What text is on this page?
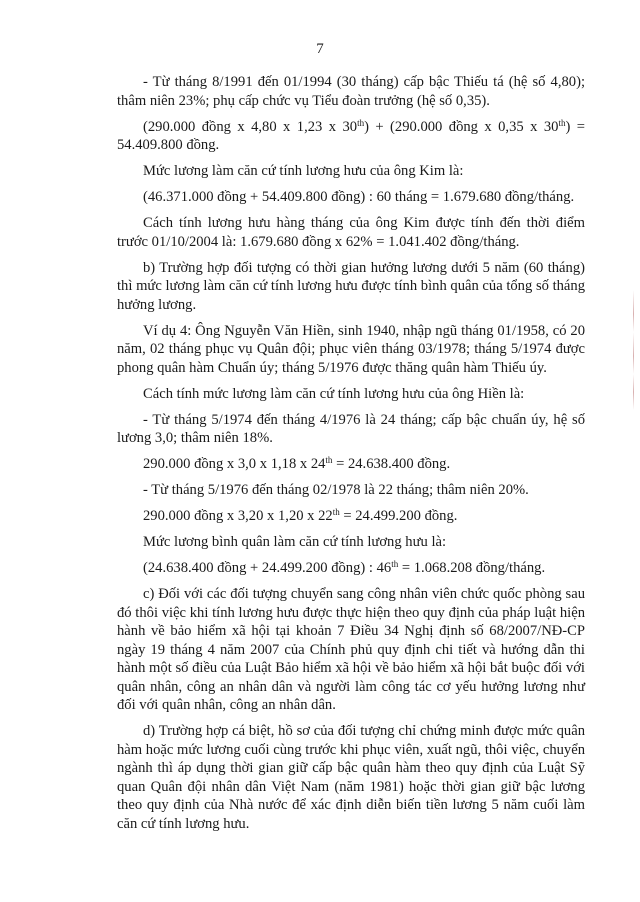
7

- Từ tháng 8/1991 đến 01/1994 (30 tháng) cấp bậc Thiếu tá (hệ số 4,80); thâm niên 23%; phụ cấp chức vụ Tiểu đoàn trưởng (hệ số 0,35).

(290.000 đồng x 4,80 x 1,23 x 30th) + (290.000 đồng x 0,35 x 30th) = 54.409.800 đồng.

Mức lương làm căn cứ tính lương hưu của ông Kim là:

(46.371.000 đồng + 54.409.800 đồng) : 60 tháng = 1.679.680 đồng/tháng.

Cách tính lương hưu hàng tháng của ông Kim được tính đến thời điểm trước 01/10/2004 là: 1.679.680 đồng x 62% = 1.041.402 đồng/tháng.

b) Trường hợp đối tượng có thời gian hưởng lương dưới 5 năm (60 tháng) thì mức lương làm căn cứ tính lương hưu được tính bình quân của tổng số tháng hưởng lương.

Ví dụ 4: Ông Nguyễn Văn Hiền, sinh 1940, nhập ngũ tháng 01/1958, có 20 năm, 02 tháng phục vụ Quân đội; phục viên tháng 03/1978; tháng 5/1974 được phong quân hàm Chuẩn úy; tháng 5/1976 được thăng quân hàm Thiếu úy.

Cách tính mức lương làm căn cứ tính lương hưu của ông Hiền là:

- Từ tháng 5/1974 đến tháng 4/1976 là 24 tháng; cấp bậc chuẩn úy, hệ số lương 3,0; thâm niên 18%.

290.000 đồng x 3,0 x 1,18 x 24th = 24.638.400 đồng.

- Từ tháng 5/1976 đến tháng 02/1978 là 22 tháng; thâm niên 20%.

290.000 đồng x 3,20 x 1,20 x 22th = 24.499.200 đồng.

Mức lương bình quân làm căn cứ tính lương hưu là:

(24.638.400 đồng + 24.499.200 đồng) : 46th = 1.068.208 đồng/tháng.

c) Đối với các đối tượng chuyển sang công nhân viên chức quốc phòng sau đó thôi việc khi tính lương hưu được thực hiện theo quy định của pháp luật hiện hành về bảo hiểm xã hội tại khoản 7 Điều 34 Nghị định số 68/2007/NĐ-CP ngày 19 tháng 4 năm 2007 của Chính phủ quy định chi tiết và hướng dẫn thi hành một số điều của Luật Bảo hiểm xã hội về bảo hiểm xã hội bắt buộc đối với quân nhân, công an nhân dân và người làm công tác cơ yếu hưởng lương như đối với quân nhân, công an nhân dân.

d) Trường hợp cá biệt, hồ sơ của đối tượng chỉ chứng minh được mức quân hàm hoặc mức lương cuối cùng trước khi phục viên, xuất ngũ, thôi việc, chuyển ngành thì áp dụng thời gian giữ cấp bậc quân hàm theo quy định của Luật Sỹ quan Quân đội nhân dân Việt Nam (năm 1981) hoặc thời gian giữ bậc lương theo quy định của Nhà nước để xác định diễn biến tiền lương 5 năm cuối làm căn cứ tính lương hưu.
